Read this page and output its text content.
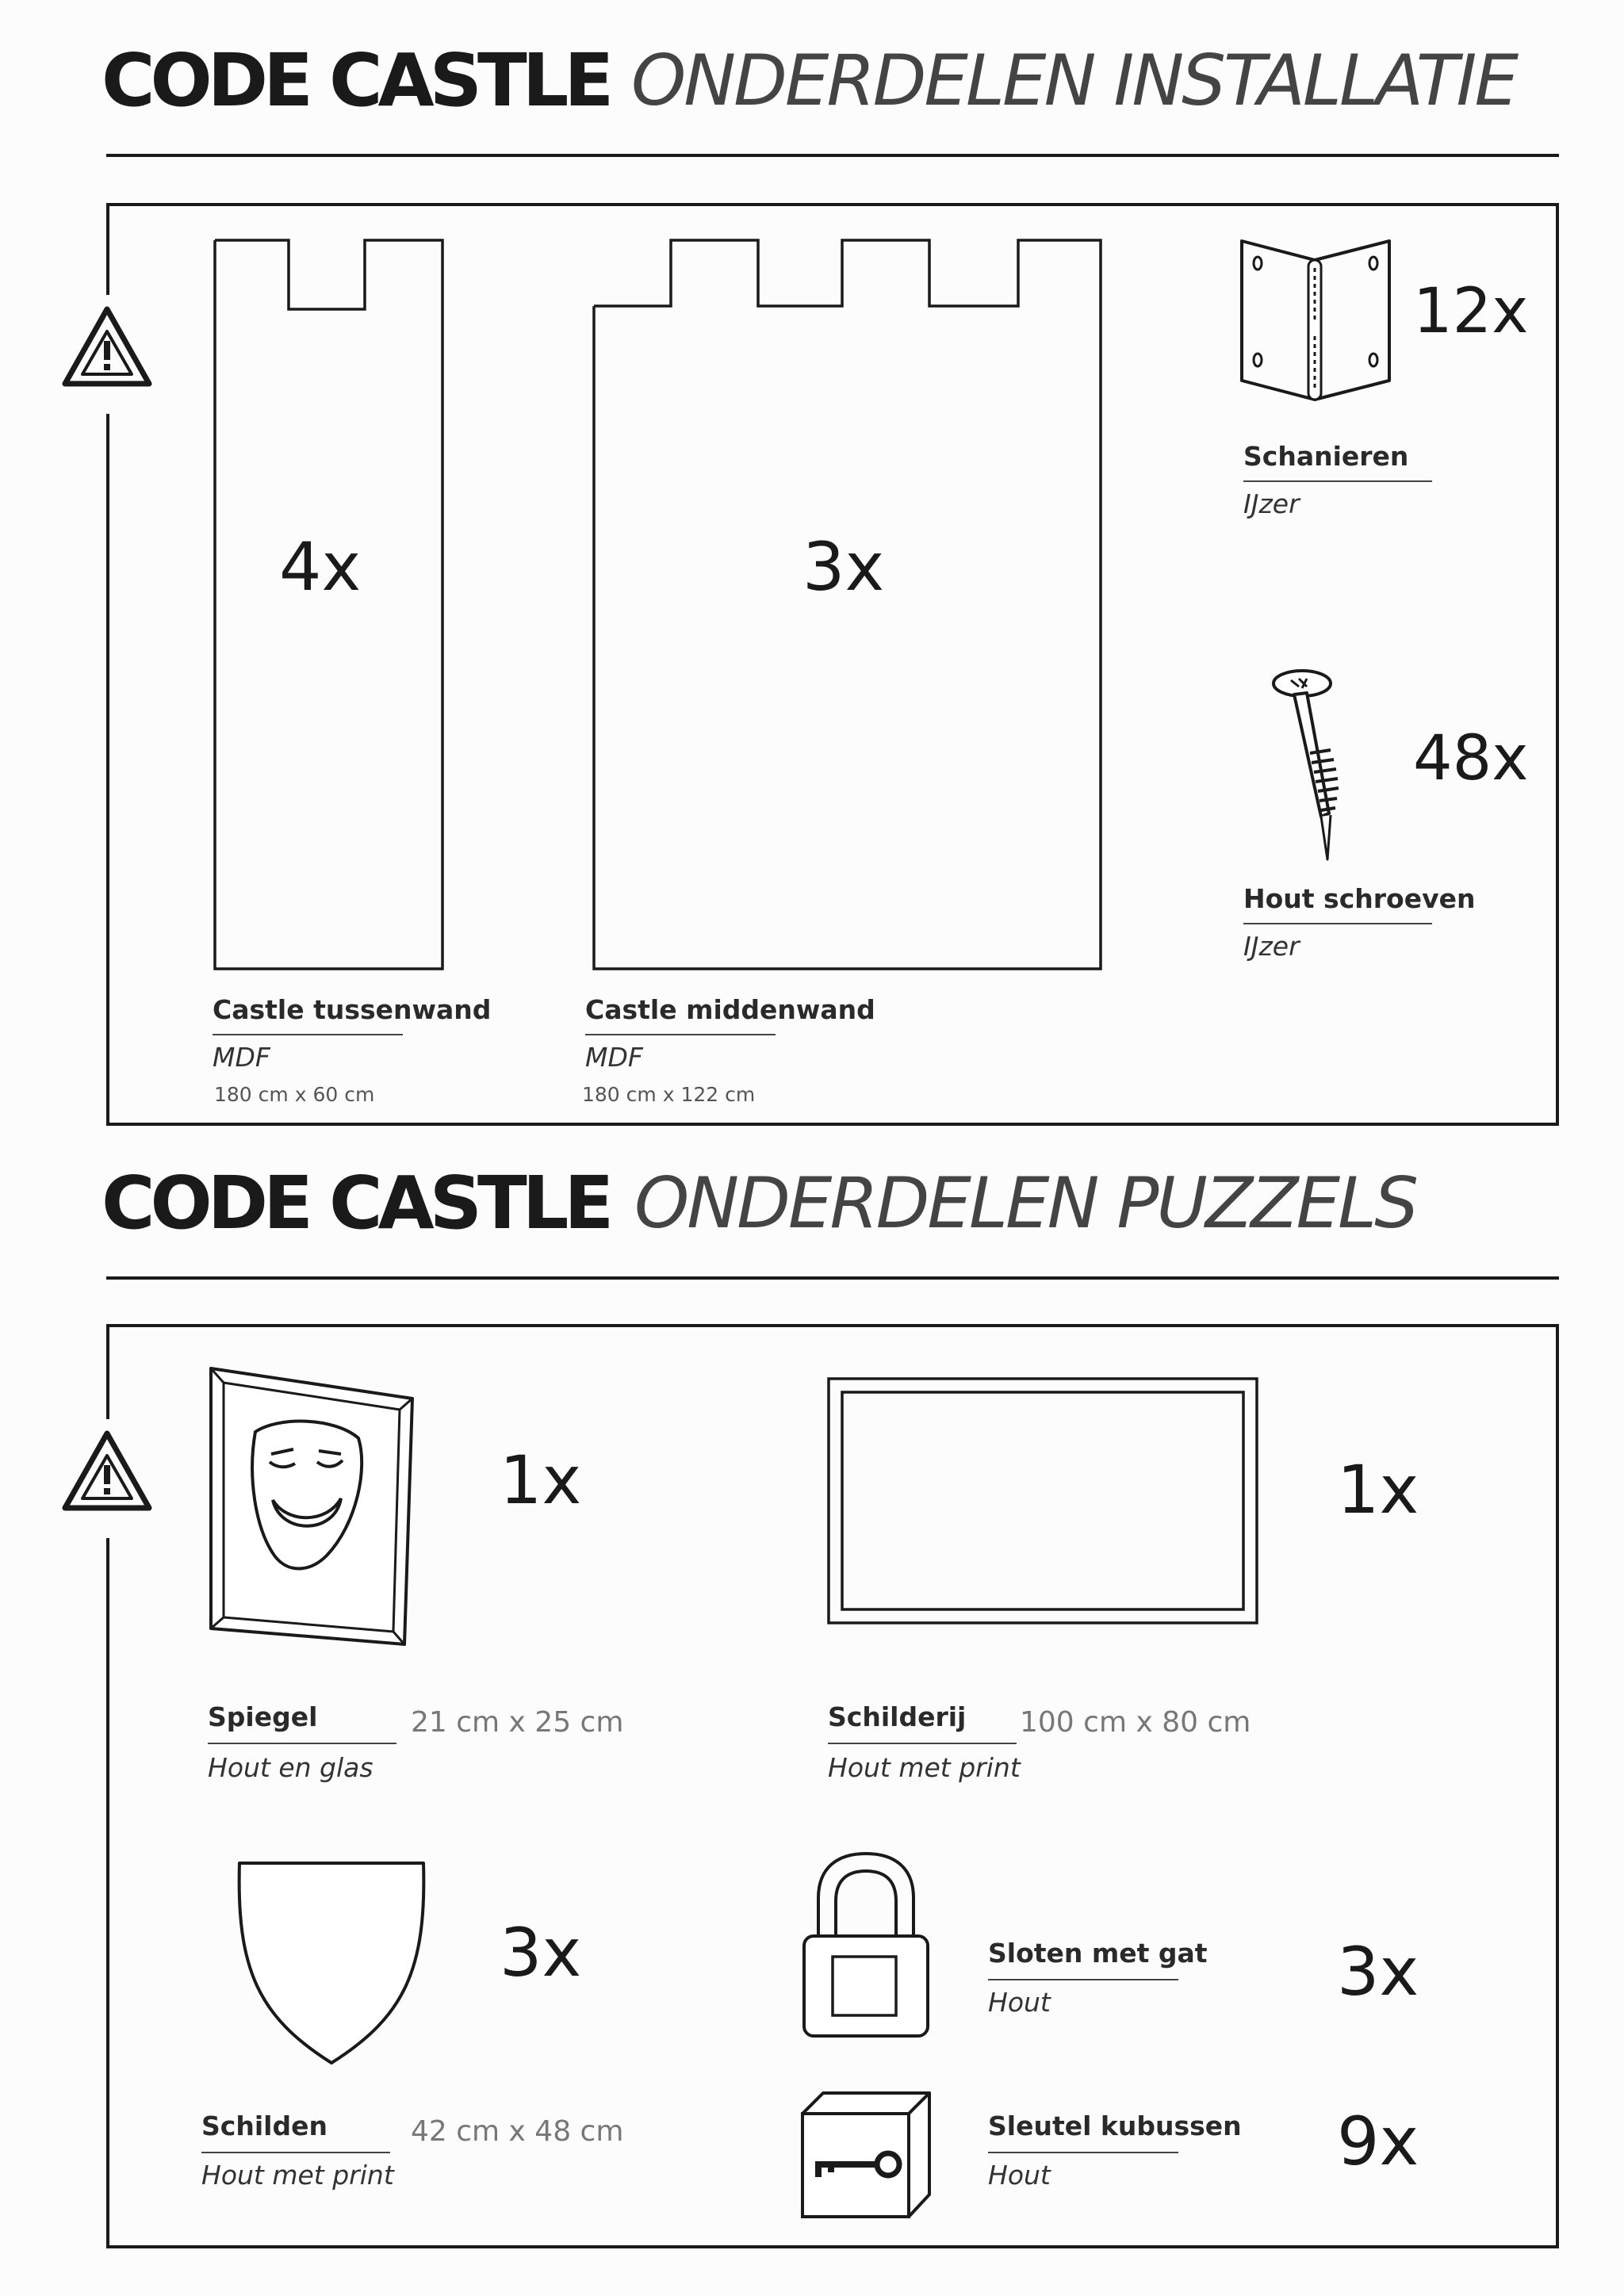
CODE CASTLE ONDERDELEN INSTALLATIE
4x
Castle tussenwand
MDF
180 cm x 60 cm
3x
Castle middenwand
MDF
180 cm x 122 cm
12x
Schanieren
IJzer
48x
Hout schroeven
IJzer
CODE CASTLE ONDERDELEN PUZZELS
1x
Spiegel
Hout en glas
21 cm x 25 cm
1x
Schilderij
Hout met print
100 cm x 80 cm
3x
Schilden
Hout met print
42 cm x 48 cm
Sloten met gat
Hout	3x
Sleutel kubussen
Hout	9x
